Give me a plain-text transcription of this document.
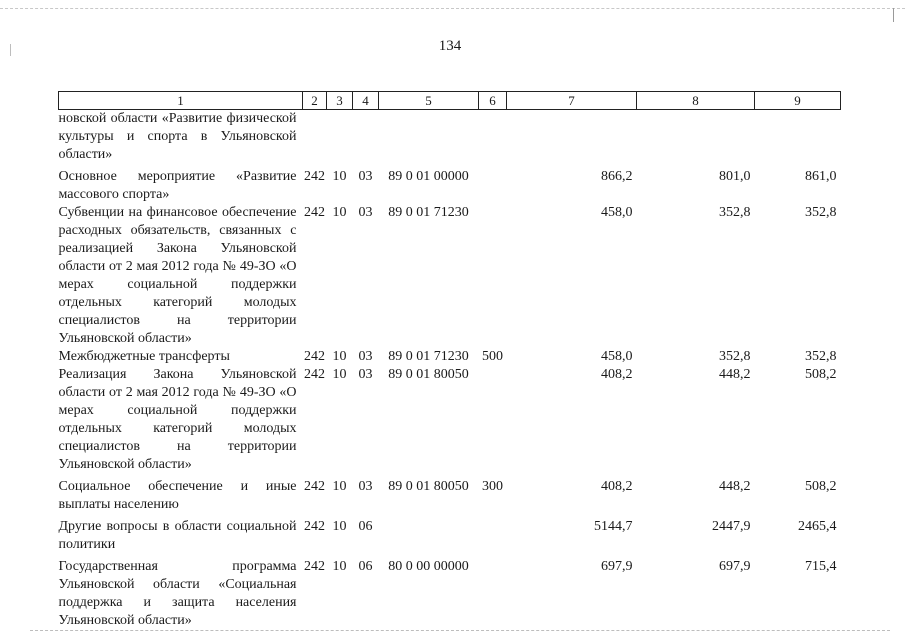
134
1	2	3	4	5	6	7	8	9
новской области «Развитие физической культуры и спорта в Ульяновской области»								
Основное мероприятие «Развитие массового спорта»	242	10	03	89 0 01 00000		866,2	801,0	861,0
Субвенции на финансовое обеспечение расходных обязательств, связанных с реализацией Закона Ульяновской области от 2 мая 2012 года № 49-ЗО «О мерах социальной поддержки отдельных категорий молодых специалистов на территории Ульяновской области»	242	10	03	89 0 01 71230		458,0	352,8	352,8
Межбюджетные трансферты	242	10	03	89 0 01 71230	500	458,0	352,8	352,8
Реализация Закона Ульяновской области от 2 мая 2012 года № 49-ЗО «О мерах социальной поддержки отдельных категорий молодых специалистов на территории Ульяновской области»	242	10	03	89 0 01 80050		408,2	448,2	508,2
Социальное обеспечение и иные выплаты населению	242	10	03	89 0 01 80050	300	408,2	448,2	508,2
Другие вопросы в области социальной политики	242	10	06			5144,7	2447,9	2465,4
Государственная программа Ульяновской области «Социальная поддержка и защита населения Ульяновской области»	242	10	06	80 0 00 00000		697,9	697,9	715,4
